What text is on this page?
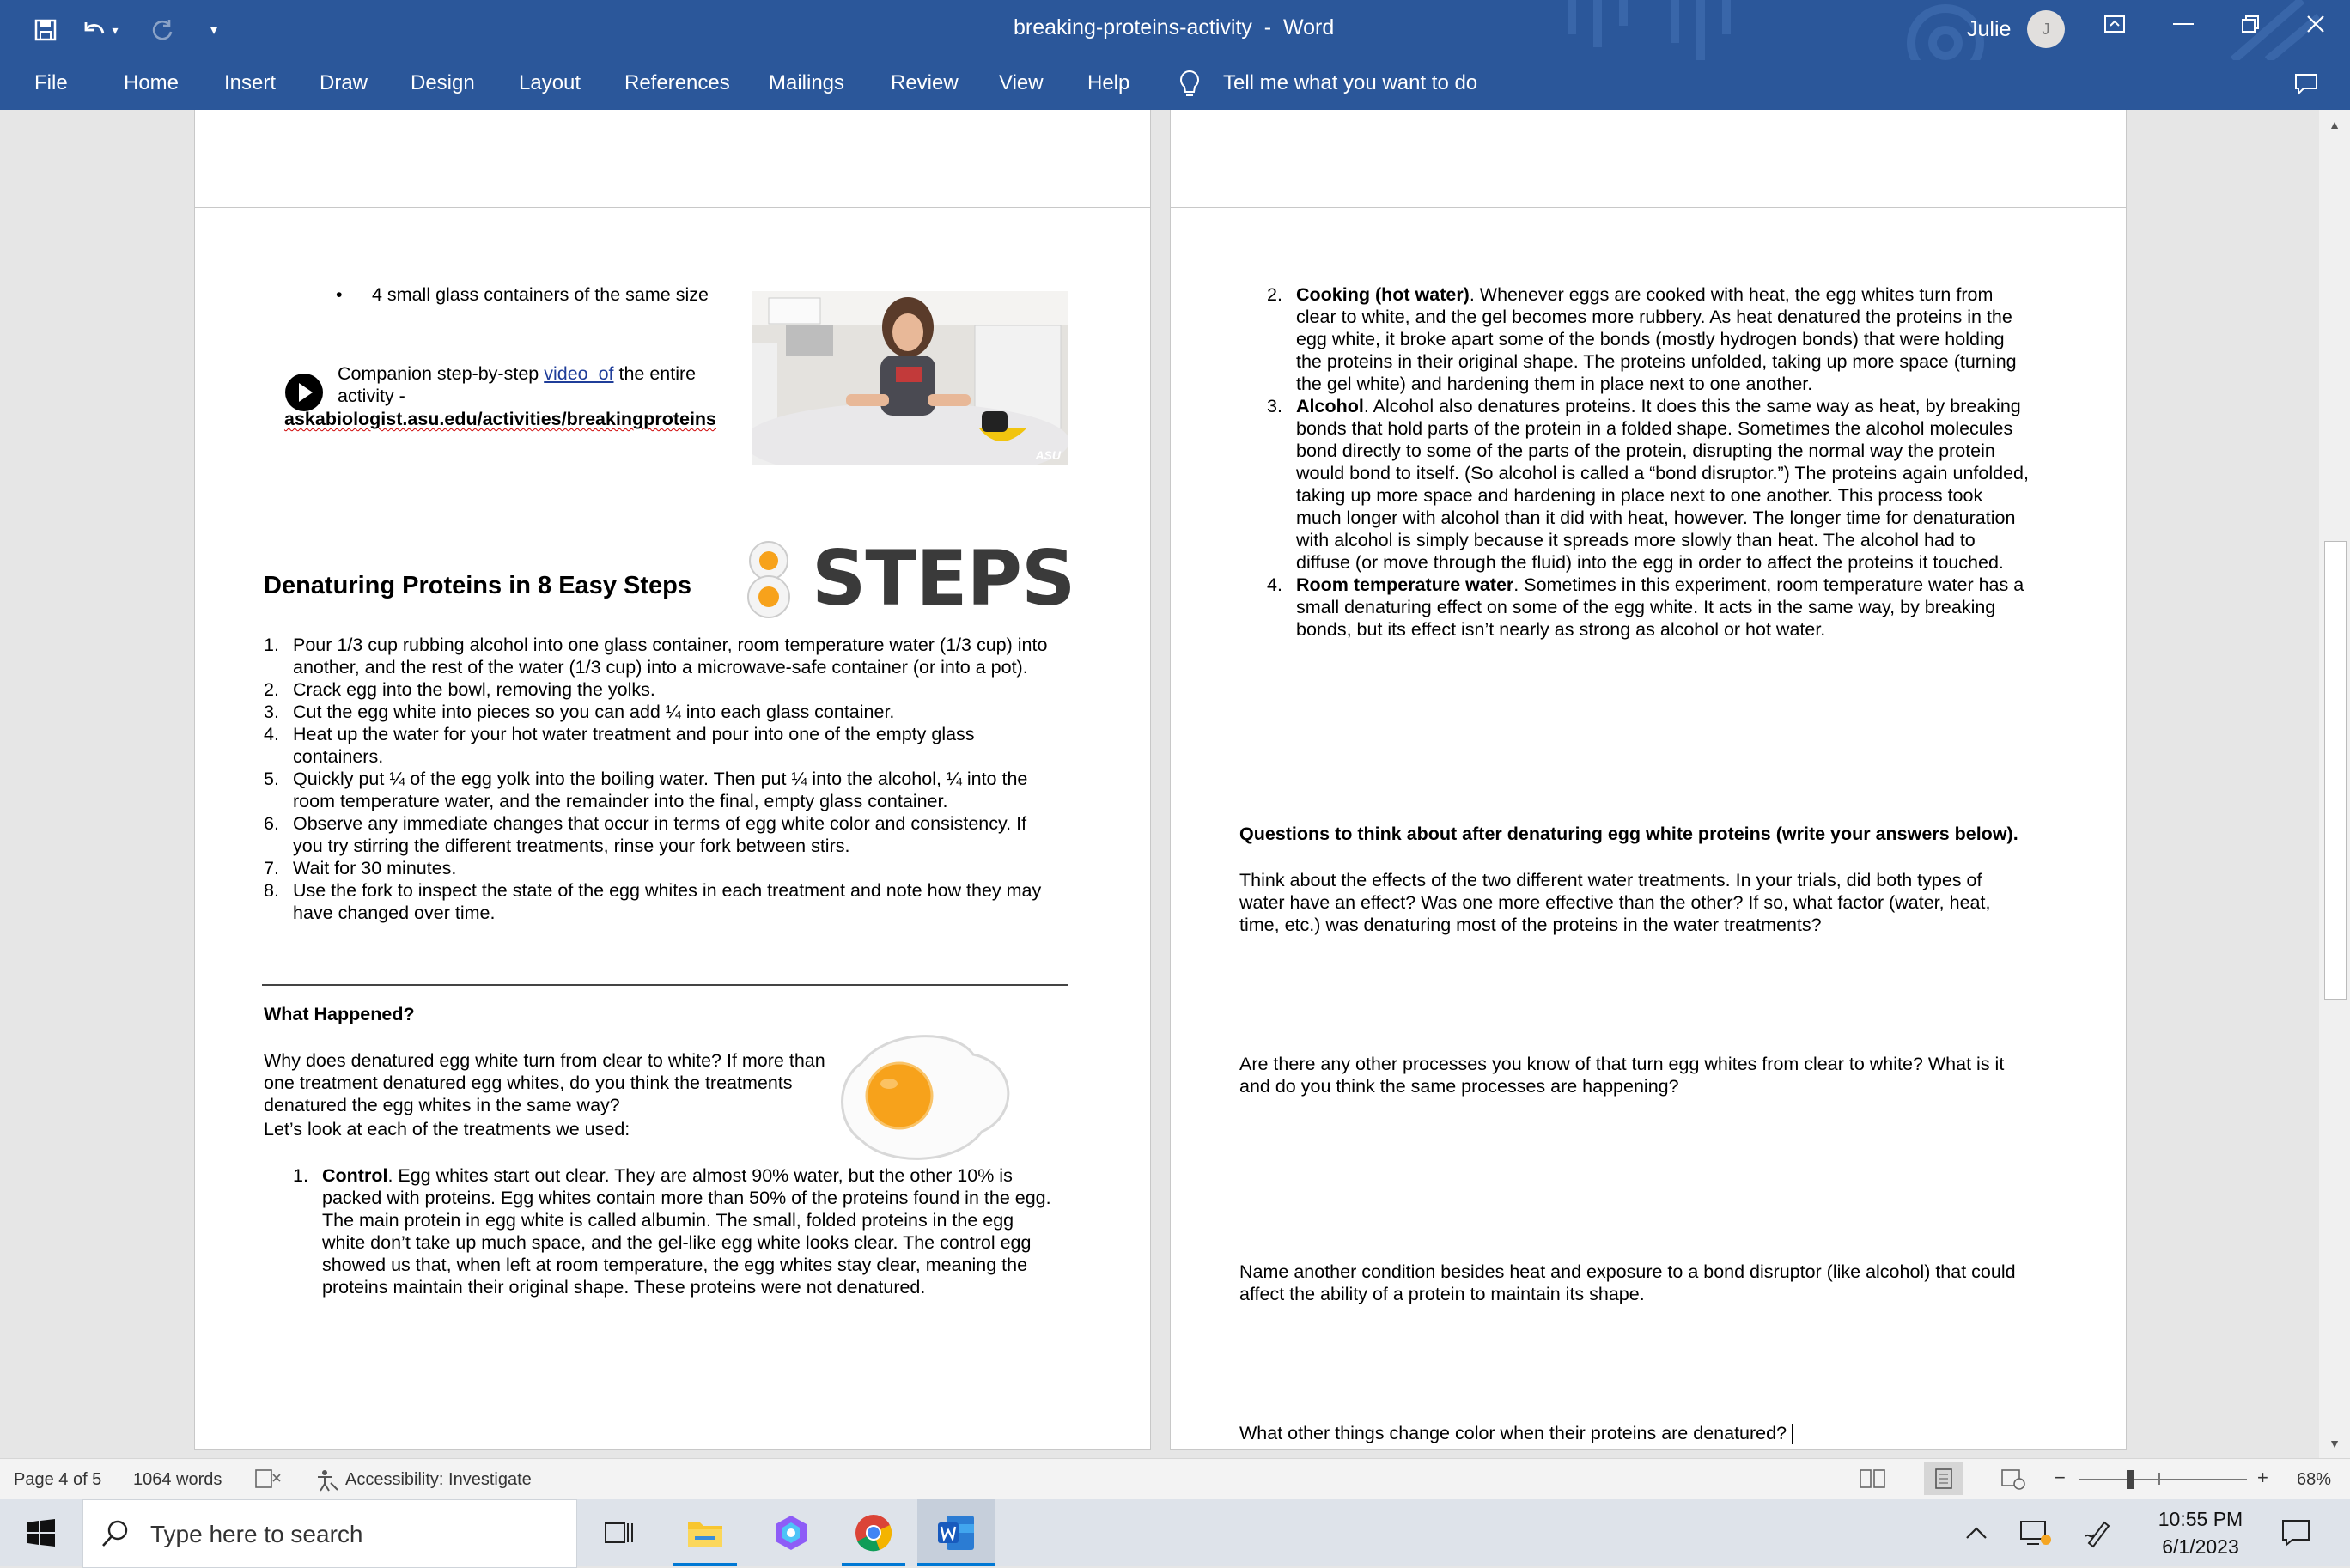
▾	▾	breaking-proteins-activity  -  Word	Julie	J
File	Home Insert Draw Design Layout References Mailings Review View Help	Tell me what you want to do
• 4 small glass containers of the same size
Companion step-by-step video  of the entire
activity -
askabiologist.asu.edu/activities/breakingproteins
ASU
Denaturing Proteins in 8 Easy Steps STEPS
1. Pour 1/3 cup rubbing alcohol into one glass container, room temperature water (1/3 cup) into
another, and the rest of the water (1/3 cup) into a microwave-safe container (or into a pot).
2. Crack egg into the bowl, removing the yolks.
3. Cut the egg white into pieces so you can add ¼ into each glass container.
4. Heat up the water for your hot water treatment and pour into one of the empty glass
containers.
5. Quickly put ¼ of the egg yolk into the boiling water. Then put ¼ into the alcohol, ¼ into the
room temperature water, and the remainder into the final, empty glass container.
6. Observe any immediate changes that occur in terms of egg white color and consistency. If
you try stirring the different treatments, rinse your fork between stirs.
7. Wait for 30 minutes.
8. Use the fork to inspect the state of the egg whites in each treatment and note how they may
have changed over time.
What Happened?
Why does denatured egg white turn from clear to white? If more than
one treatment denatured egg whites, do you think the treatments
denatured the egg whites in the same way?
Let’s look at each of the treatments we used:
1. Control. Egg whites start out clear. They are almost 90% water, but the other 10% is
packed with proteins. Egg whites contain more than 50% of the proteins found in the egg.
The main protein in egg white is called albumin. The small, folded proteins in the egg
white don’t take up much space, and the gel-like egg white looks clear. The control egg
showed us that, when left at room temperature, the egg whites stay clear, meaning the
proteins maintain their original shape. These proteins were not denatured.
2. Cooking (hot water). Whenever eggs are cooked with heat, the egg whites turn from
clear to white, and the gel becomes more rubbery. As heat denatured the proteins in the
egg white, it broke apart some of the bonds (mostly hydrogen bonds) that were holding
the proteins in their original shape. The proteins unfolded, taking up more space (turning
the gel white) and hardening them in place next to one another.
3. Alcohol. Alcohol also denatures proteins. It does this the same way as heat, by breaking
bonds that hold parts of the protein in a folded shape. Sometimes the alcohol molecules
bond directly to some of the parts of the protein, disrupting the normal way the protein
would bond to itself. (So alcohol is called a “bond disruptor.”) The proteins again unfolded,
taking up more space and hardening in place next to one another. This process took
much longer with alcohol than it did with heat, however. The longer time for denaturation
with alcohol is simply because it spreads more slowly than heat. The alcohol had to
diffuse (or move through the fluid) into the egg in order to affect the proteins it touched.
4. Room temperature water. Sometimes in this experiment, room temperature water has a
small denaturing effect on some of the egg white. It acts in the same way, by breaking
bonds, but its effect isn’t nearly as strong as alcohol or hot water.
Questions to think about after denaturing egg white proteins (write your answers below).
Think about the effects of the two different water treatments. In your trials, did both types of
water have an effect? Was one more effective than the other? If so, what factor (water, heat,
time, etc.) was denaturing most of the proteins in the water treatments?
Are there any other processes you know of that turn egg whites from clear to white? What is it
and do you think the same processes are happening?
Name another condition besides heat and exposure to a bond disruptor (like alcohol) that could
affect the ability of a protein to maintain its shape.
What other things change color when their proteins are denatured?
▲
▼
Page 4 of 5 1064 words	Accessibility: Investigate	−	+ 68%
Type here to search
10:55 PM
6/1/2023
